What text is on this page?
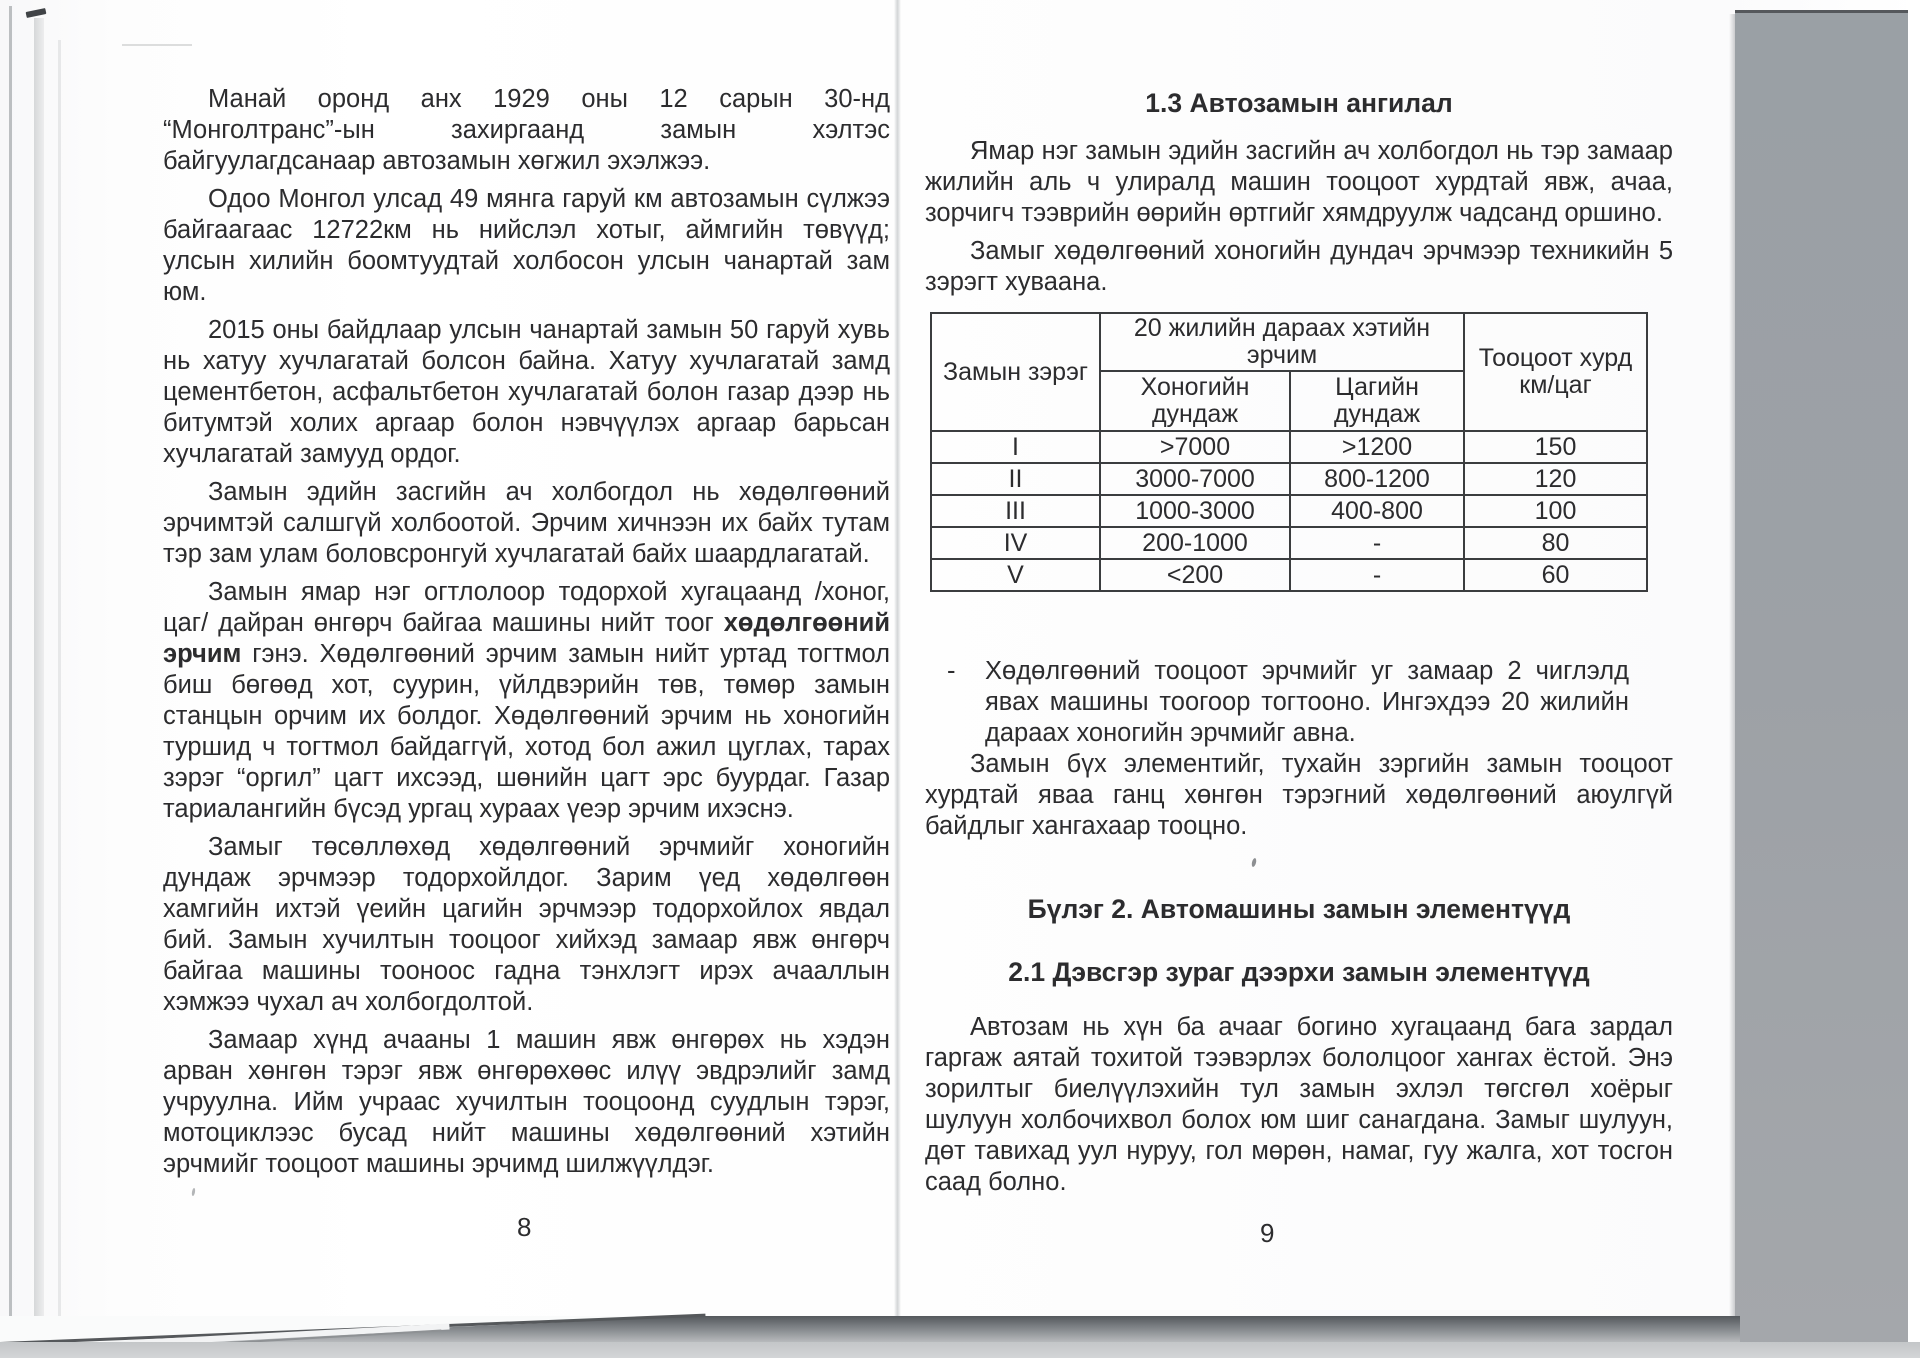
Манай оронд анх 1929 оны 12 сарын 30-нд “Монголтранс”-ын захиргаанд замын хэлтэс байгуулагдсанаар автозамын хөгжил эхэлжээ.

Одоо Монгол улсад 49 мянга гаруй км автозамын сүлжээ байгаагаас 12722км нь нийслэл хотыг, аймгийн төвүүд; улсын хилийн боомтуудтай холбосон улсын чанартай зам юм.

2015 оны байдлаар улсын чанартай замын 50 гаруй хувь нь хатуу хучлагатай болсон байна. Хатуу хучлагатай замд цементбетон, асфальтбетон хучлагатай болон газар дээр нь битумтэй холих аргаар болон нэвчүүлэх аргаар барьсан хучлагатай замууд ордог.

Замын эдийн засгийн ач холбогдол нь хөдөлгөөний эрчимтэй салшгүй холбоотой. Эрчим хичнээн их байх тутам тэр зам улам боловсронгуй хучлагатай байх шаардлагатай.

Замын ямар нэг огтлолоор тодорхой хугацаанд /хоног, цаг/ дайран өнгөрч байгаа машины нийт тоог хөдөлгөөний эрчим гэнэ. Хөдөлгөөний эрчим замын нийт уртад тогтмол биш бөгөөд хот, суурин, үйлдвэрийн төв, төмөр замын станцын орчим их болдог. Хөдөлгөөний эрчим нь хоногийн туршид ч тогтмол байдаггүй, хотод бол ажил цуглах, тарах зэрэг “оргил” цагт ихсээд, шөнийн цагт эрс буурдаг. Газар тариалангийн бүсэд ургац хураах үеэр эрчим ихэснэ.

Замыг төсөллөхөд хөдөлгөөний эрчмийг хоногийн дундаж эрчмээр тодорхойлдог. Зарим үед хөдөлгөөн хамгийн ихтэй үеийн цагийн эрчмээр тодорхойлох явдал бий. Замын хучилтын тооцоог хийхэд замаар явж өнгөрч байгаа машины тооноос гадна тэнхлэгт ирэх ачааллын хэмжээ чухал ач холбогдолтой.

Замаар хүнд ачааны 1 машин явж өнгөрөх нь хэдэн арван хөнгөн тэрэг явж өнгөрөхөөс илүү эвдрэлийг замд учруулна. Ийм учраас хучилтын тооцоонд суудлын тэрэг, мотоциклээс бусад нийт машины хөдөлгөөний хэтийн эрчмийг тооцоот машины эрчимд шилжүүлдэг.

1.3 Автозамын ангилал

Ямар нэг замын эдийн засгийн ач холбогдол нь тэр замаар жилийн аль ч улиралд машин тооцоот хурдтай явж, ачаа, зорчигч тээврийн өөрийн өртгийг хямдруулж чадсанд оршино.

Замыг хөдөлгөөний хоногийн дундач эрчмээр техникийн 5 зэрэгт хуваана.

Замын зэрэг	20 жилийн дараах хэтийн эрчим		Тооцоот хурд км/цаг
	Хоногийн дундаж	Цагийн дундаж	
I	>7000	>1200	150
II	3000-7000	800-1200	120
III	1000-3000	400-800	100
IV	200-1000	-	80
V	<200	-	60
-	Хөдөлгөөний тооцоот эрчмийг уг замаар 2 чиглэлд явах машины тоогоор тогтооно. Ингэхдээ 20 жилийн дараах хоногийн эрчмийг авна.

Замын бүх элементийг, тухайн зэргийн замын тооцоот хурдтай яваа ганц хөнгөн тэрэгний хөдөлгөөний аюулгүй байдлыг хангахаар тооцно.

Бүлэг 2. Автомашины замын элементүүд
2.1 Дэвсгэр зураг дээрхи замын элементүүд

Автозам нь хүн ба ачааг богино хугацаанд бага зардал гаргаж аятай тохитой тээвэрлэх бололцоог хангах ёстой. Энэ зорилтыг биелүүлэхийн тул замын эхлэл төгсгөл хоёрыг шулуун холбочихвол болох юм шиг санагдана. Замыг шулуун, дөт тавихад уул нуруу, гол мөрөн, намаг, гуу жалга, хот тосгон саад болно.

8	9
